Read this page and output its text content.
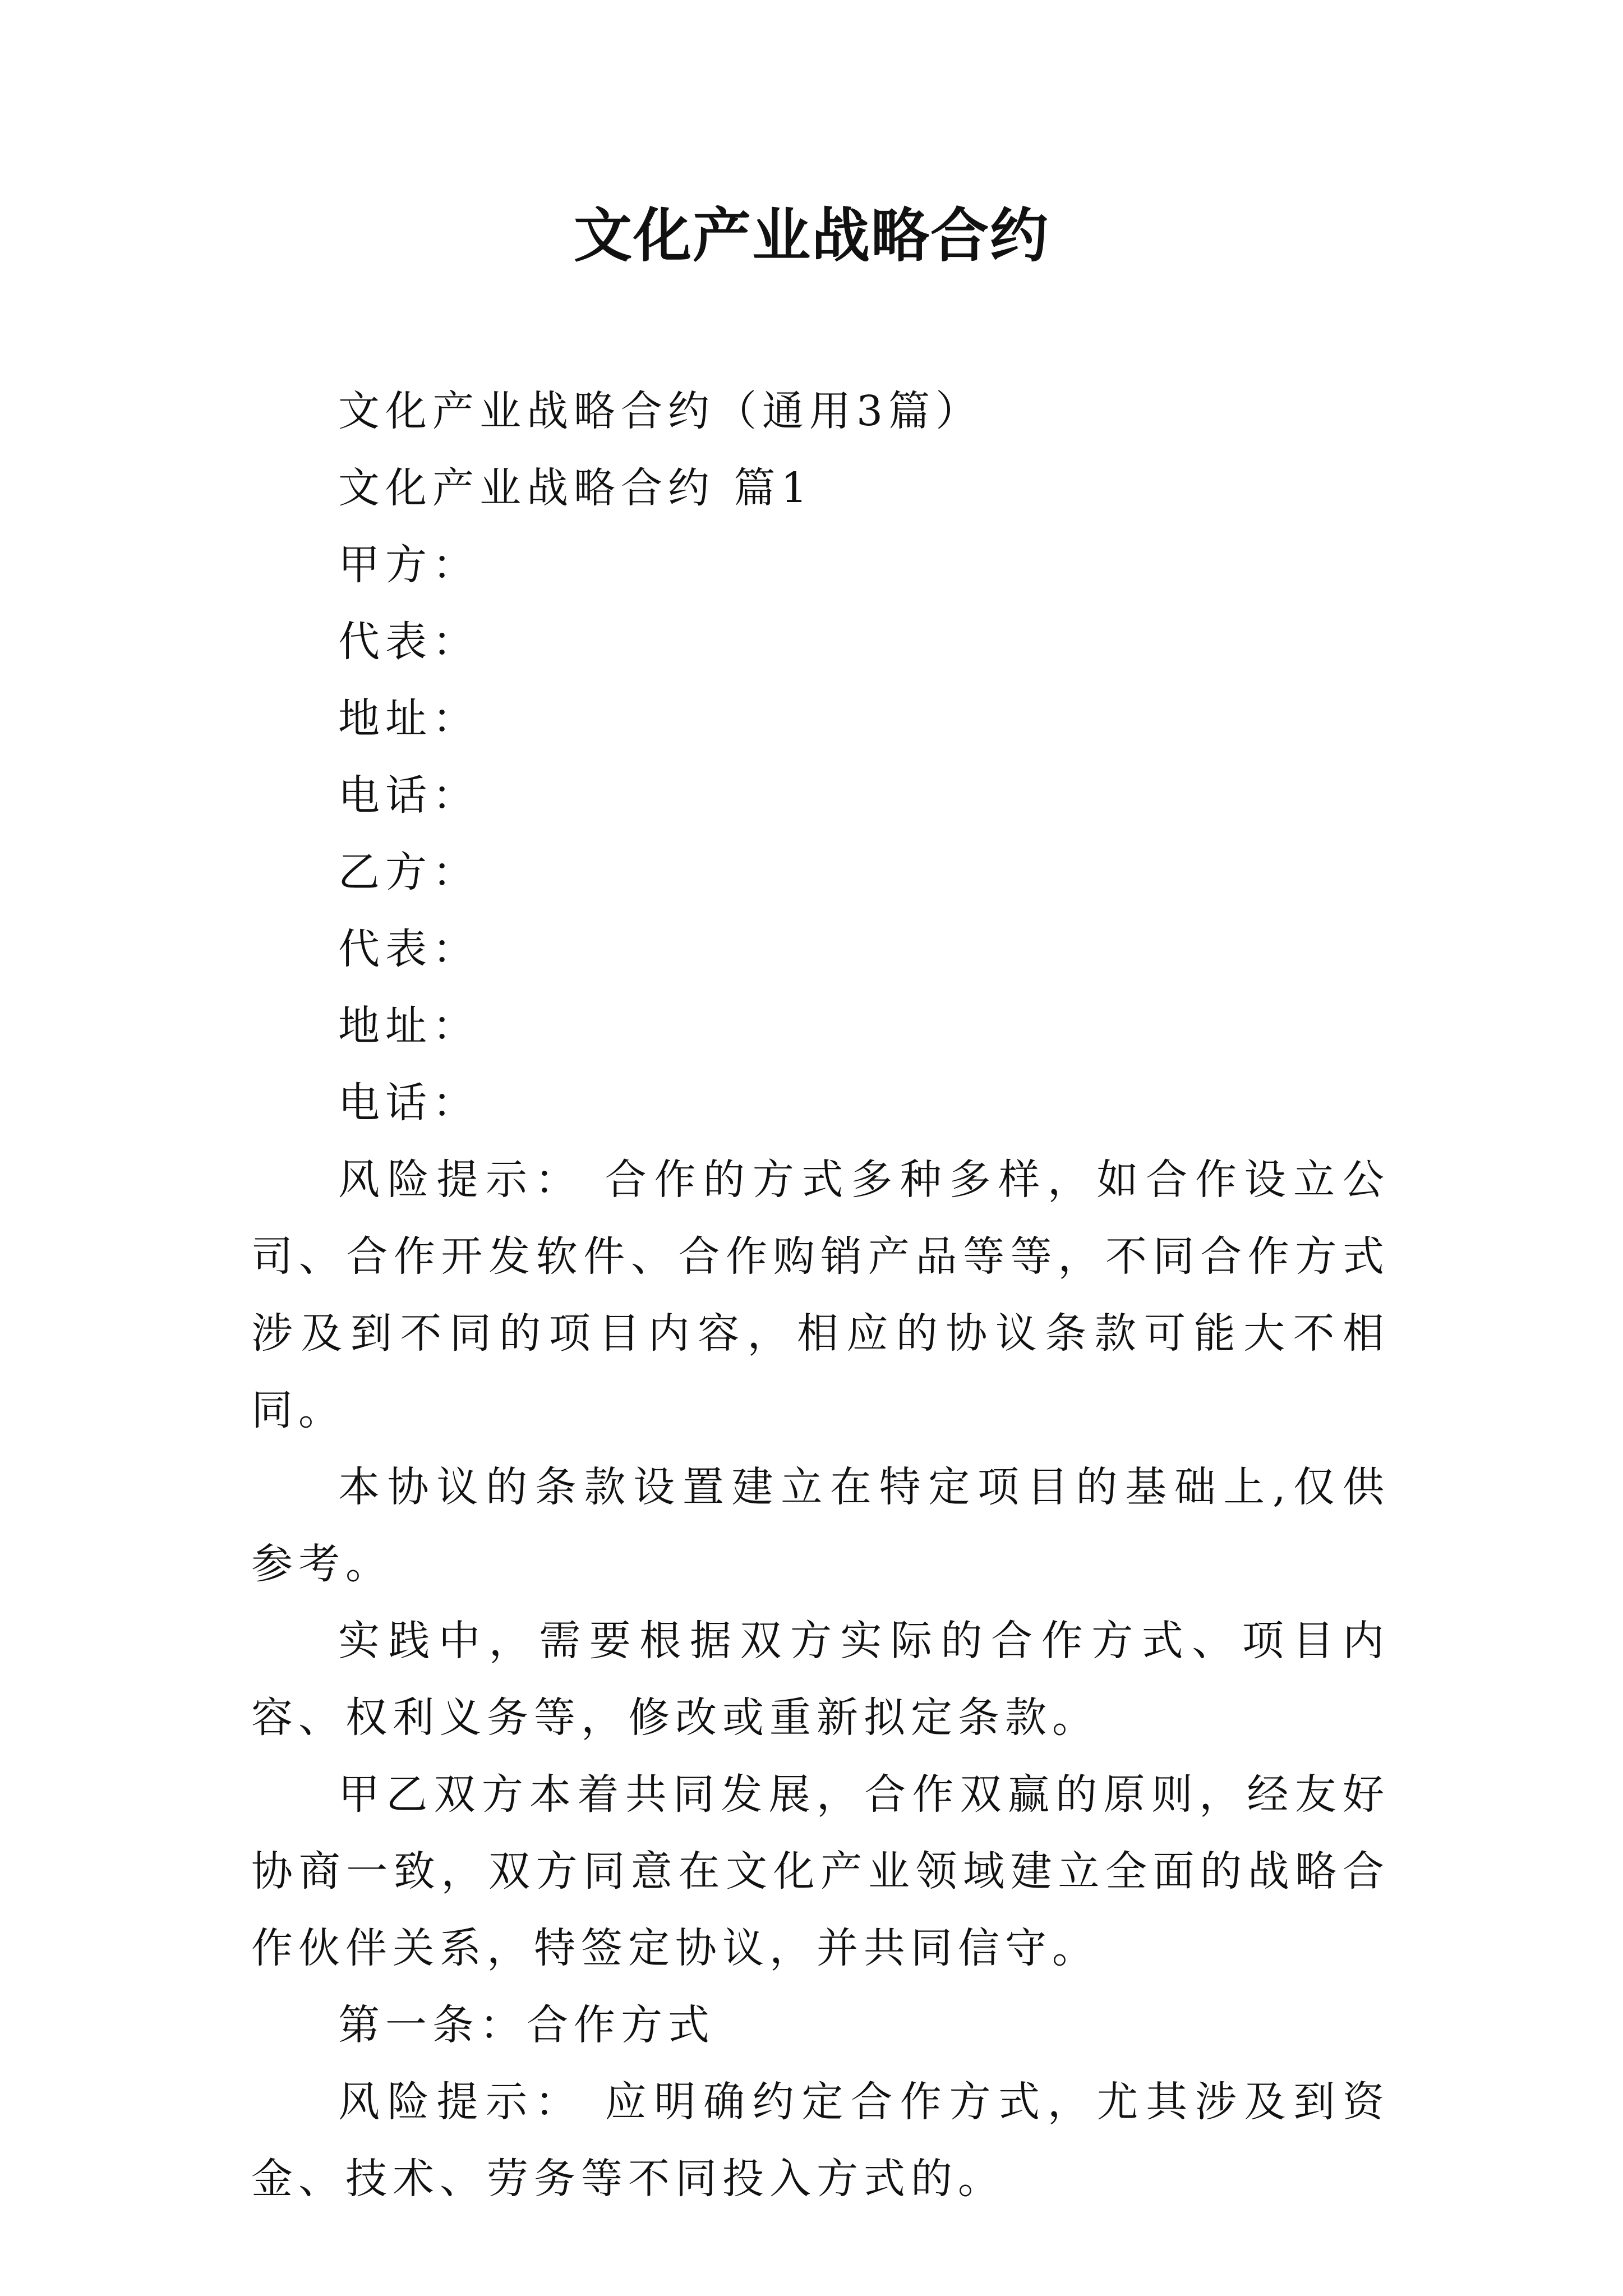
文化产业战略合约

文化产业战略合约（通用3篇）

文化产业战略合约 篇1

甲方：

代表：

地址：

电话：

乙方：

代表：

地址：

电话：

风险提示： 合作的方式多种多样，如合作设立公司、合作开发软件、合作购销产品等等，不同合作方式涉及到不同的项目内容，相应的协议条款可能大不相同。

本协议的条款设置建立在特定项目的基础上,仅供参考。

实践中，需要根据双方实际的合作方式、项目内容、权利义务等，修改或重新拟定条款。

甲乙双方本着共同发展，合作双赢的原则，经友好协商一致，双方同意在文化产业领域建立全面的战略合作伙伴关系，特签定协议，并共同信守。

第一条：合作方式

风险提示： 应明确约定合作方式，尤其涉及到资金、技术、劳务等不同投入方式的。
